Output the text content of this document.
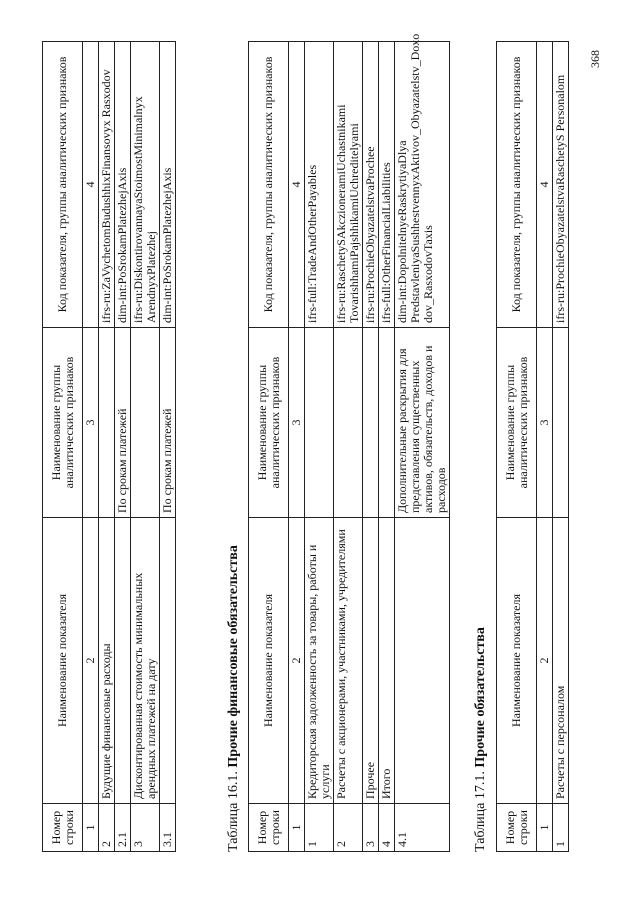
368
Номер строки	Наименование показателя	Наименование группы аналитических признаков	Код показателя, группы аналитических признаков
1	2	3	4
2	Будущие финансовые расходы		ifrs-ru:ZaVychetomBudushhixFinansovyx Rasxodov
2.1		По срокам платежей	dim-int:PoSrokamPlatezhejAxis
3	Дисконтированная стоимость минимальных арендных платежей на дату		ifrs-ru:DiskontirovannayaStoimostMinimalnyx ArendnyxPlatezhej
3.1		По срокам платежей	dim-int:PoSrokamPlatezhejAxis
Таблица 16.1. Прочие финансовые обязательства
Номер строки	Наименование показателя	Наименование группы аналитических признаков	Код показателя, группы аналитических признаков
1	2	3	4
1	Кредиторская задолженность за товары, работы и услуги		ifrs-full:TradeAndOtherPayables
2	Расчеты с акционерами, участниками, учредителями		ifrs-ru:RaschetySAkczioneramiUchastnikami TovarishhamiPajshhikamiUchreditelyami
3	Прочее		ifrs-ru:ProchieObyazatelstvaProchee
4	Итого		ifrs-full:OtherFinancialLiabilities
4.1		Дополнительные раскрытия для представления существенных активов, обязательств, доходов и расходов	dim-int:DopolnitelnyeRaskrytiyaDlya PredstavleniyaSushhestvennyxAktivov_Obyazatelstv_Doxo dov_RasxodovTaxis
Таблица 17.1. Прочие обязательства
Номер строки	Наименование показателя	Наименование группы аналитических признаков	Код показателя, группы аналитических признаков
1	2	3	4
1	Расчеты с персоналом		ifrs-ru:ProchieObyazatelstvaRaschetyS Personalom
